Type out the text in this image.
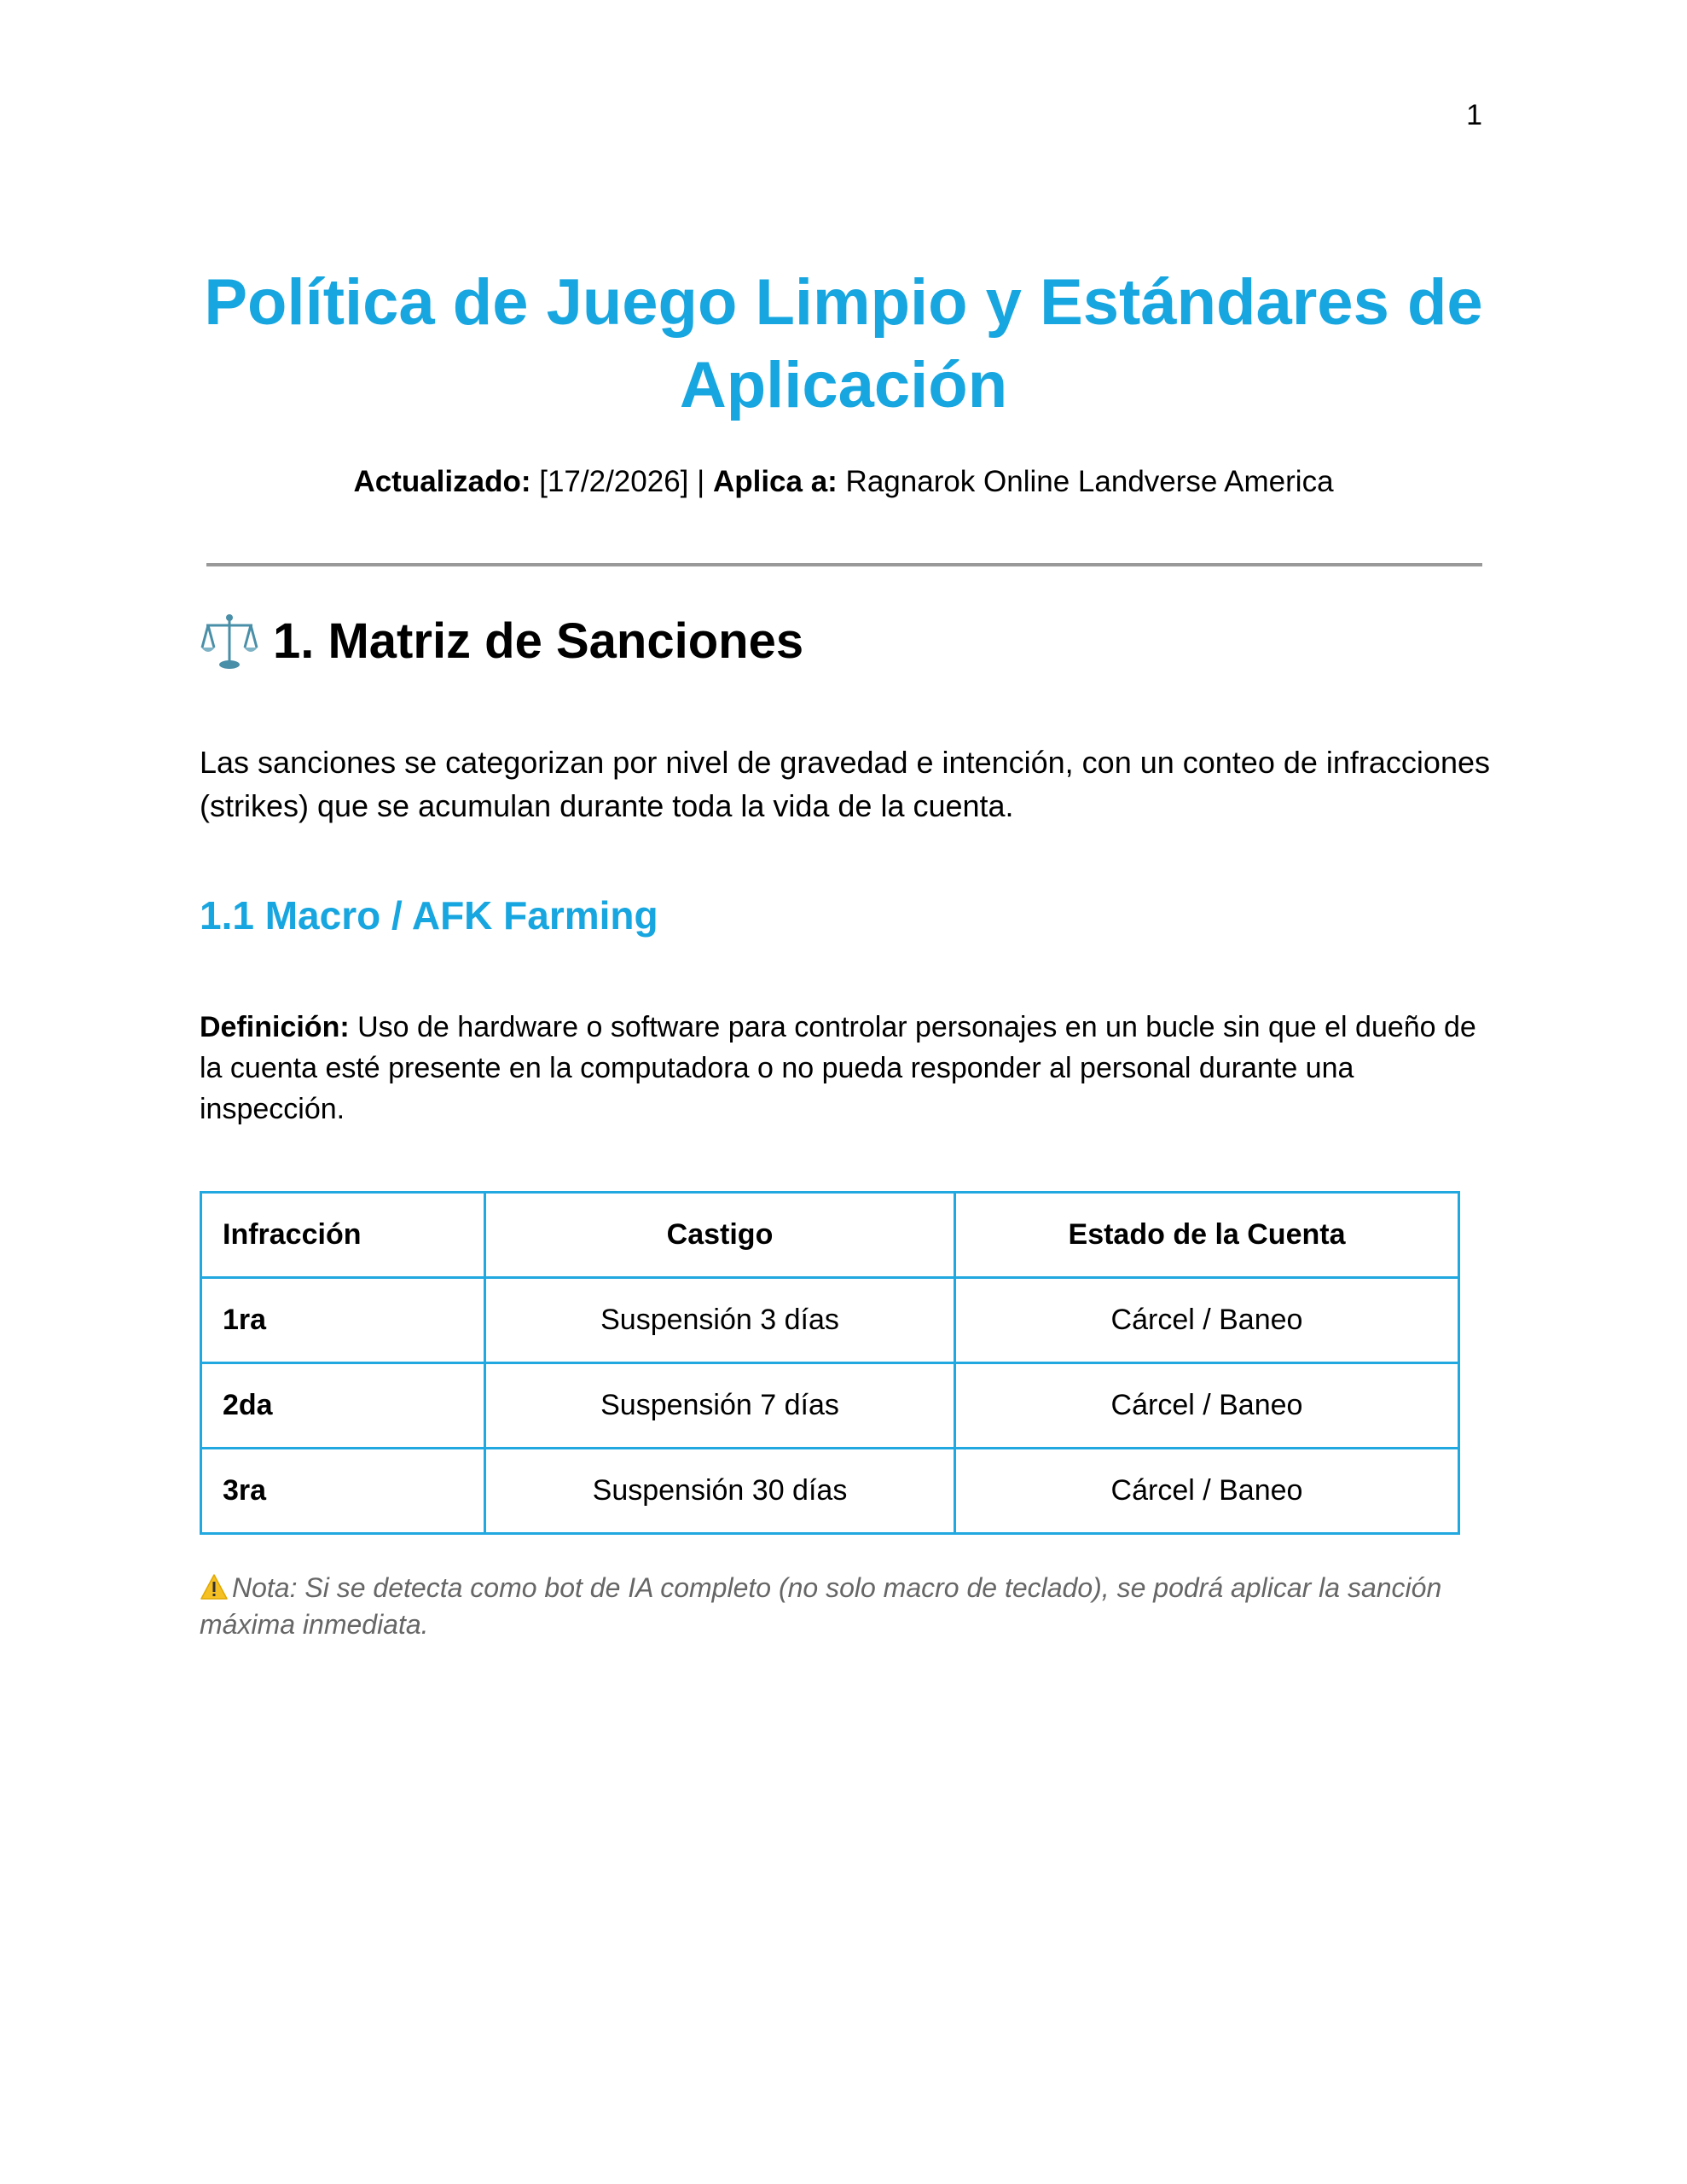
1
Política de Juego Limpio y Estándares de Aplicación
Actualizado: [17/2/2026] | Aplica a: Ragnarok Online Landverse America
1. Matriz de Sanciones
Las sanciones se categorizan por nivel de gravedad e intención, con un conteo de infracciones (strikes) que se acumulan durante toda la vida de la cuenta.
1.1 Macro / AFK Farming
Definición: Uso de hardware o software para controlar personajes en un bucle sin que el dueño de la cuenta esté presente en la computadora o no pueda responder al personal durante una inspección.
Infracción	Castigo	Estado de la Cuenta
1ra	Suspensión 3 días	Cárcel / Baneo
2da	Suspensión 7 días	Cárcel / Baneo
3ra	Suspensión 30 días	Cárcel / Baneo
Nota: Si se detecta como bot de IA completo (no solo macro de teclado), se podrá aplicar la sanción máxima inmediata.
